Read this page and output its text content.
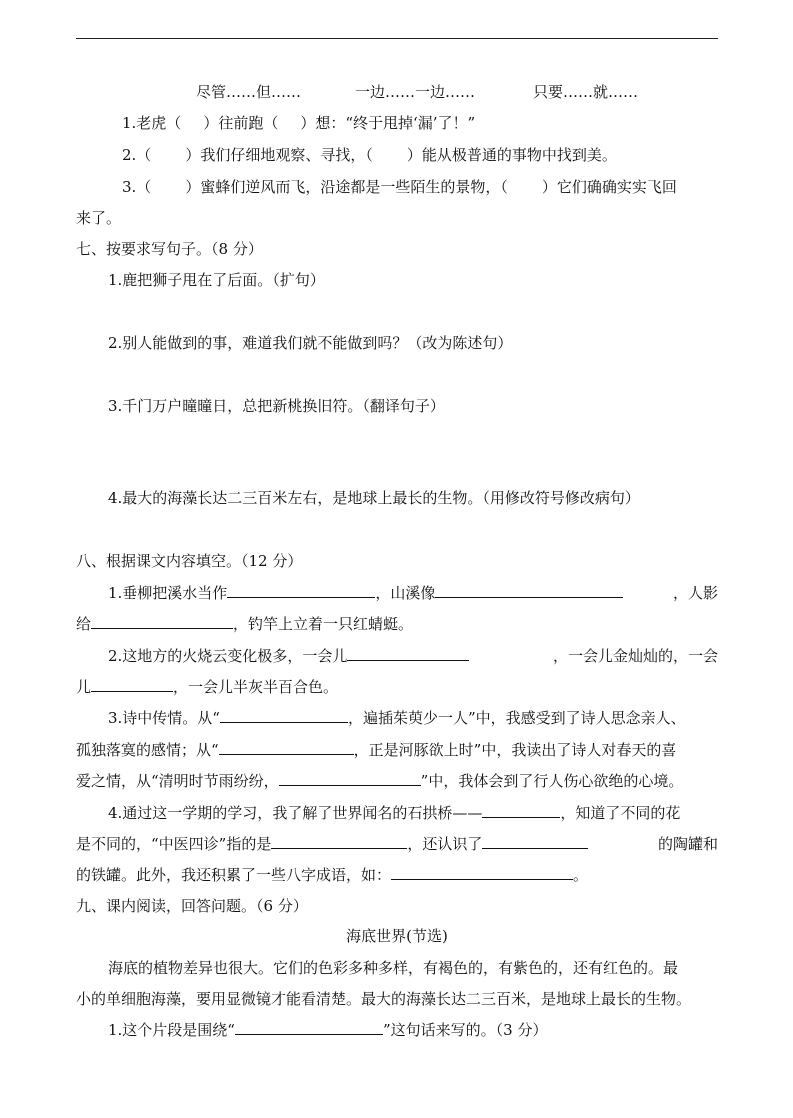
尽管……但……	一边……一边……	只要……就……
1.老虎（ ）往前跑（ ）想：“终于甩掉‘漏’了！”
2.（ ）我们仔细地观察、寻找，（ ）能从极普通的事物中找到美。
3.（ ）蜜蜂们逆风而飞，沿途都是一些陌生的景物，（ ）它们确确实实飞回
来了。
七、按要求写句子。（8 分）
1.鹿把狮子甩在了后面。（扩句）
2.别人能做到的事，难道我们就不能做到吗？（改为陈述句）
3.千门万户曈曈日，总把新桃换旧符。（翻译句子）
4.最大的海藻长达二三百米左右，是地球上最长的生物。（用修改符号修改病句）
八、根据课文内容填空。（12 分）
1.垂柳把溪水当作	，山溪像	，人影
给	，钓竿上立着一只红蜻蜓。
2.这地方的火烧云变化极多，一会儿	，一会儿金灿灿的，一会
儿	，一会儿半灰半百合色。
3.诗中传情。从“	，遍插茱萸少一人”中，我感受到了诗人思念亲人、
孤独落寞的感情；从“	，正是河豚欲上时”中，我读出了诗人对春天的喜
爱之情，从“清明时节雨纷纷，	”中，我体会到了行人伤心欲绝的心境。
4.通过这一学期的学习，我了解了世界闻名的石拱桥——	，知道了不同的花
是不同的，“中医四诊”指的是	，还认识了	的陶罐和
的铁罐。此外，我还积累了一些八字成语，如：	。
九、课内阅读，回答问题。（6 分）
海底世界(节选)
海底的植物差异也很大。它们的色彩多种多样，有褐色的，有紫色的，还有红色的。最
小的单细胞海藻，要用显微镜才能看清楚。最大的海藻长达二三百米，是地球上最长的生物。
1.这个片段是围绕“	”这句话来写的。（3 分）
